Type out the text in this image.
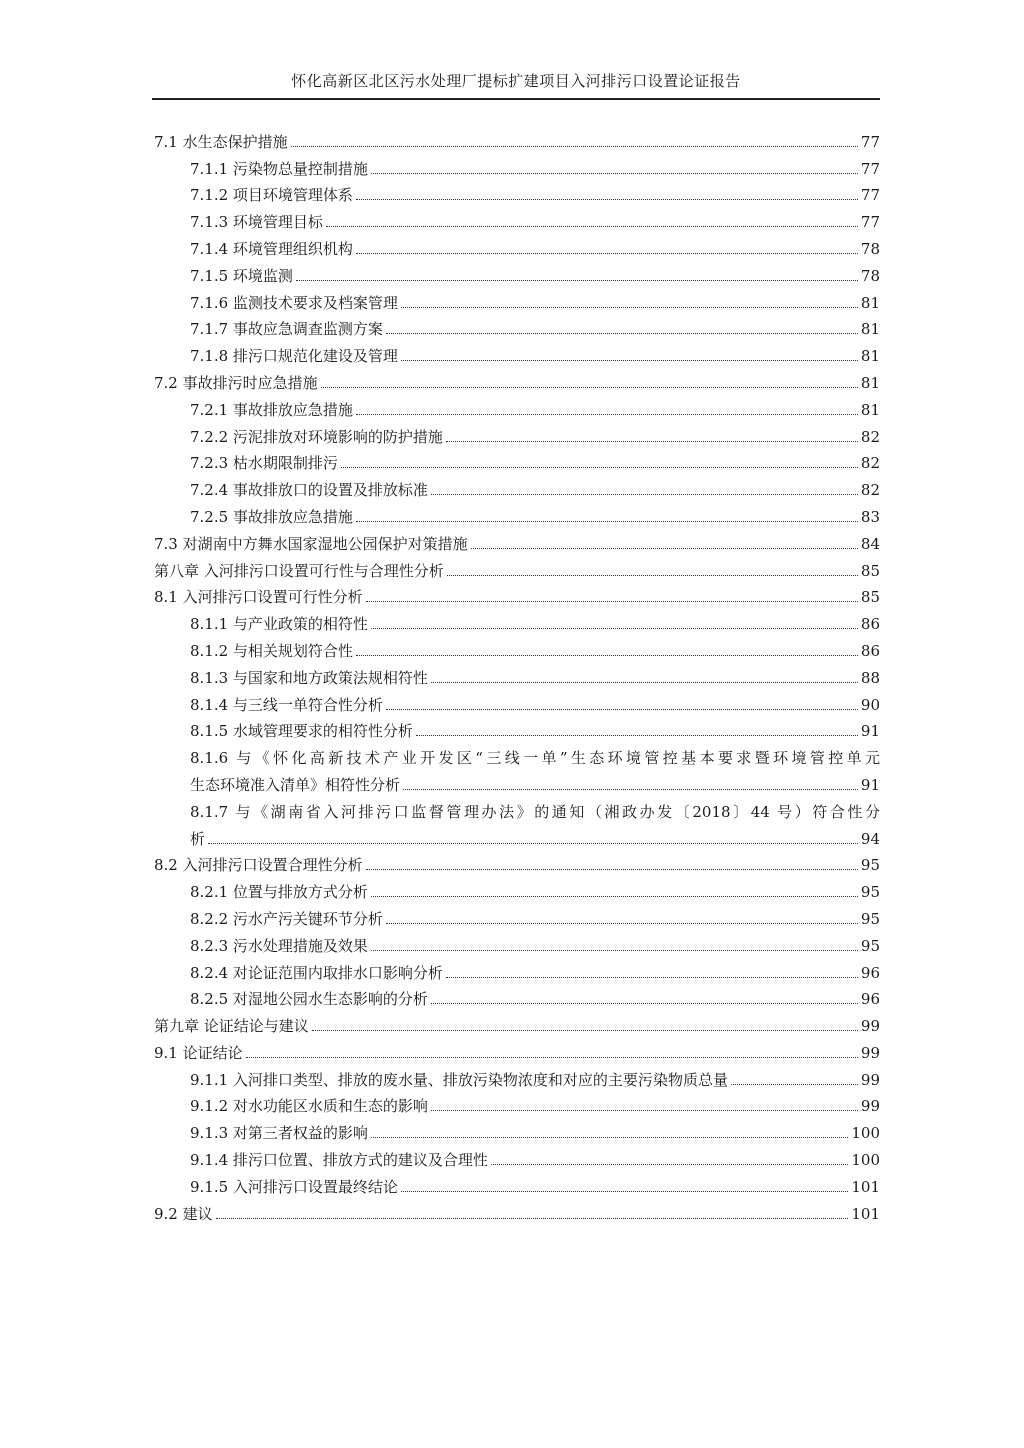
怀化高新区北区污水处理厂提标扩建项目入河排污口设置论证报告
7.1 水生态保护措施	77
7.1.1 污染物总量控制措施	77
7.1.2 项目环境管理体系	77
7.1.3 环境管理目标	77
7.1.4 环境管理组织机构	78
7.1.5 环境监测	78
7.1.6 监测技术要求及档案管理	81
7.1.7 事故应急调查监测方案	81
7.1.8 排污口规范化建设及管理	81
7.2 事故排污时应急措施	81
7.2.1 事故排放应急措施	81
7.2.2 污泥排放对环境影响的防护措施	82
7.2.3 枯水期限制排污	82
7.2.4 事故排放口的设置及排放标准	82
7.2.5 事故排放应急措施	83
7.3 对湖南中方舞水国家湿地公园保护对策措施	84
第八章 入河排污口设置可行性与合理性分析	85
8.1 入河排污口设置可行性分析	85
8.1.1 与产业政策的相符性	86
8.1.2 与相关规划符合性	86
8.1.3 与国家和地方政策法规相符性	88
8.1.4 与三线一单符合性分析	90
8.1.5 水域管理要求的相符性分析	91
8.1.6 与《怀化高新技术产业开发区“三线一单”生态环境管控基本要求暨环境管控单元
生态环境准入清单》相符性分析	91
8.1.7 与《湖南省入河排污口监督管理办法》的通知（湘政办发〔2018〕44 号）符合性分
析	94
8.2 入河排污口设置合理性分析	95
8.2.1 位置与排放方式分析	95
8.2.2 污水产污关键环节分析	95
8.2.3 污水处理措施及效果	95
8.2.4 对论证范围内取排水口影响分析	96
8.2.5 对湿地公园水生态影响的分析	96
第九章 论证结论与建议	99
9.1 论证结论	99
9.1.1 入河排口类型、排放的废水量、排放污染物浓度和对应的主要污染物质总量	99
9.1.2 对水功能区水质和生态的影响	99
9.1.3 对第三者权益的影响	100
9.1.4 排污口位置、排放方式的建议及合理性	100
9.1.5 入河排污口设置最终结论	101
9.2 建议	101
